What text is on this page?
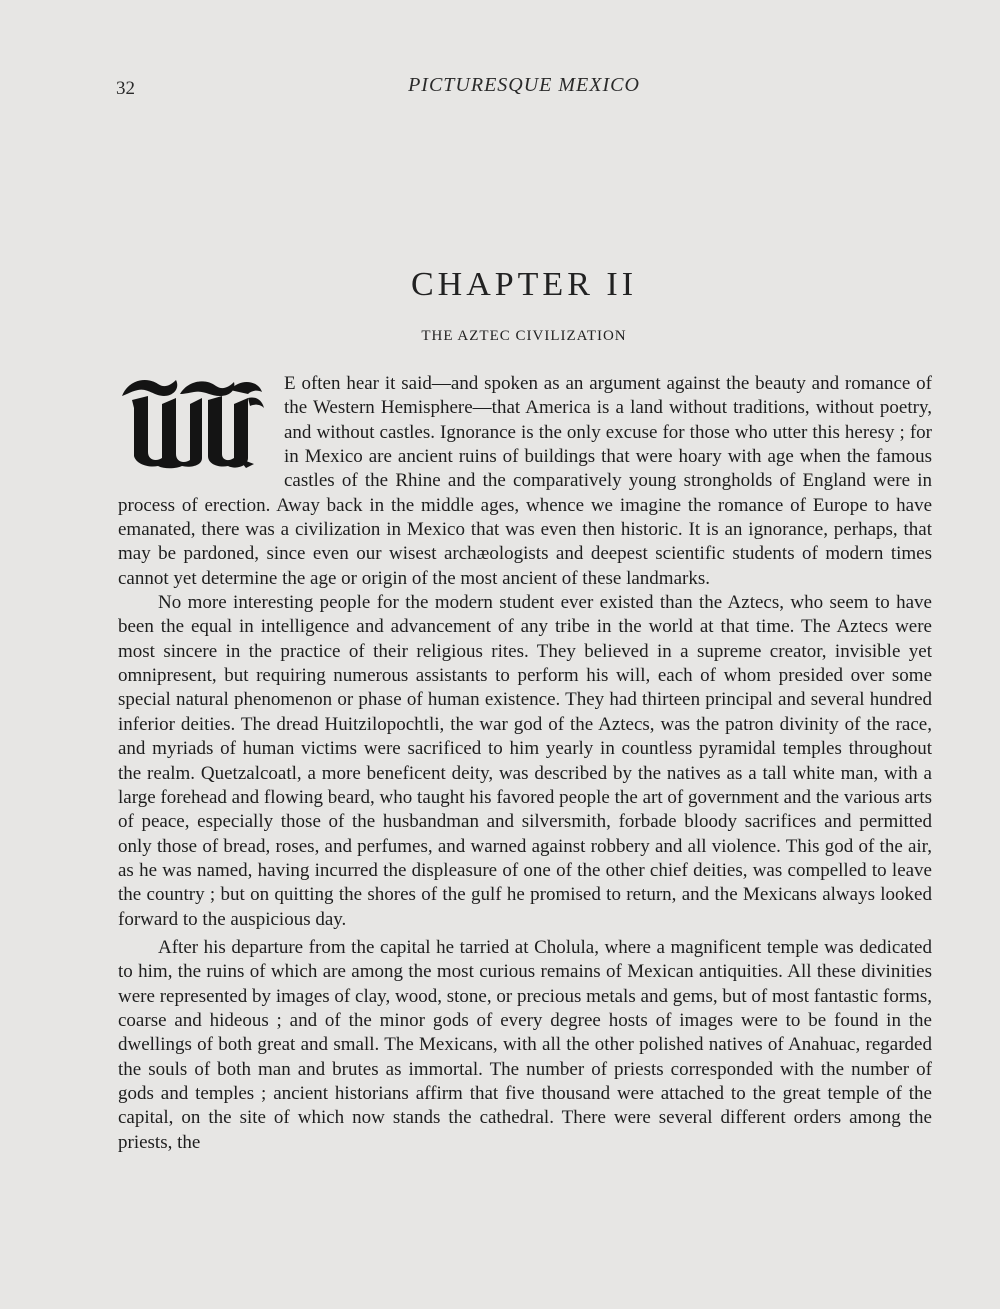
32	PICTURESQUE MEXICO
CHAPTER II
THE AZTEC CIVILIZATION

E often hear it said—and spoken as an argument against the beauty and romance of the Western Hemisphere—that America is a land without traditions, without poetry, and without castles. Ignorance is the only excuse for those who utter this heresy ; for in Mexico are ancient ruins of buildings that were hoary with age when the famous castles of the Rhine and the comparatively young strongholds of England were in process of erection. Away back in the middle ages, whence we imagine the romance of Europe to have emanated, there was a civilization in Mexico that was even then historic. It is an ignorance, perhaps, that may be pardoned, since even our wisest archæologists and deepest scientific students of modern times cannot yet determine the age or origin of the most ancient of these landmarks.

No more interesting people for the modern student ever existed than the Aztecs, who seem to have been the equal in intelligence and advancement of any tribe in the world at that time. The Aztecs were most sincere in the practice of their religious rites. They believed in a supreme creator, invisible yet omnipresent, but requiring numerous assistants to perform his will, each of whom presided over some special natural phenomenon or phase of human existence. They had thirteen principal and several hundred inferior deities. The dread Huitzilopochtli, the war god of the Aztecs, was the patron divinity of the race, and myriads of human victims were sacrificed to him yearly in countless pyramidal temples throughout the realm. Quetzalcoatl, a more beneficent deity, was described by the natives as a tall white man, with a large forehead and flowing beard, who taught his favored people the art of government and the various arts of peace, especially those of the husbandman and silversmith, forbade bloody sacrifices and permitted only those of bread, roses, and perfumes, and warned against robbery and all violence. This god of the air, as he was named, having incurred the displeasure of one of the other chief deities, was compelled to leave the country ; but on quitting the shores of the gulf he promised to return, and the Mexicans always looked forward to the auspicious day.

After his departure from the capital he tarried at Cholula, where a magnificent temple was dedicated to him, the ruins of which are among the most curious remains of Mexican antiquities. All these divinities were represented by images of clay, wood, stone, or precious metals and gems, but of most fantastic forms, coarse and hideous ; and of the minor gods of every degree hosts of images were to be found in the dwellings of both great and small. The Mexicans, with all the other polished natives of Anahuac, regarded the souls of both man and brutes as immortal. The number of priests corresponded with the number of gods and temples ; ancient historians affirm that five thousand were attached to the great temple of the capital, on the site of which now stands the cathedral. There were several different orders among the priests, the
